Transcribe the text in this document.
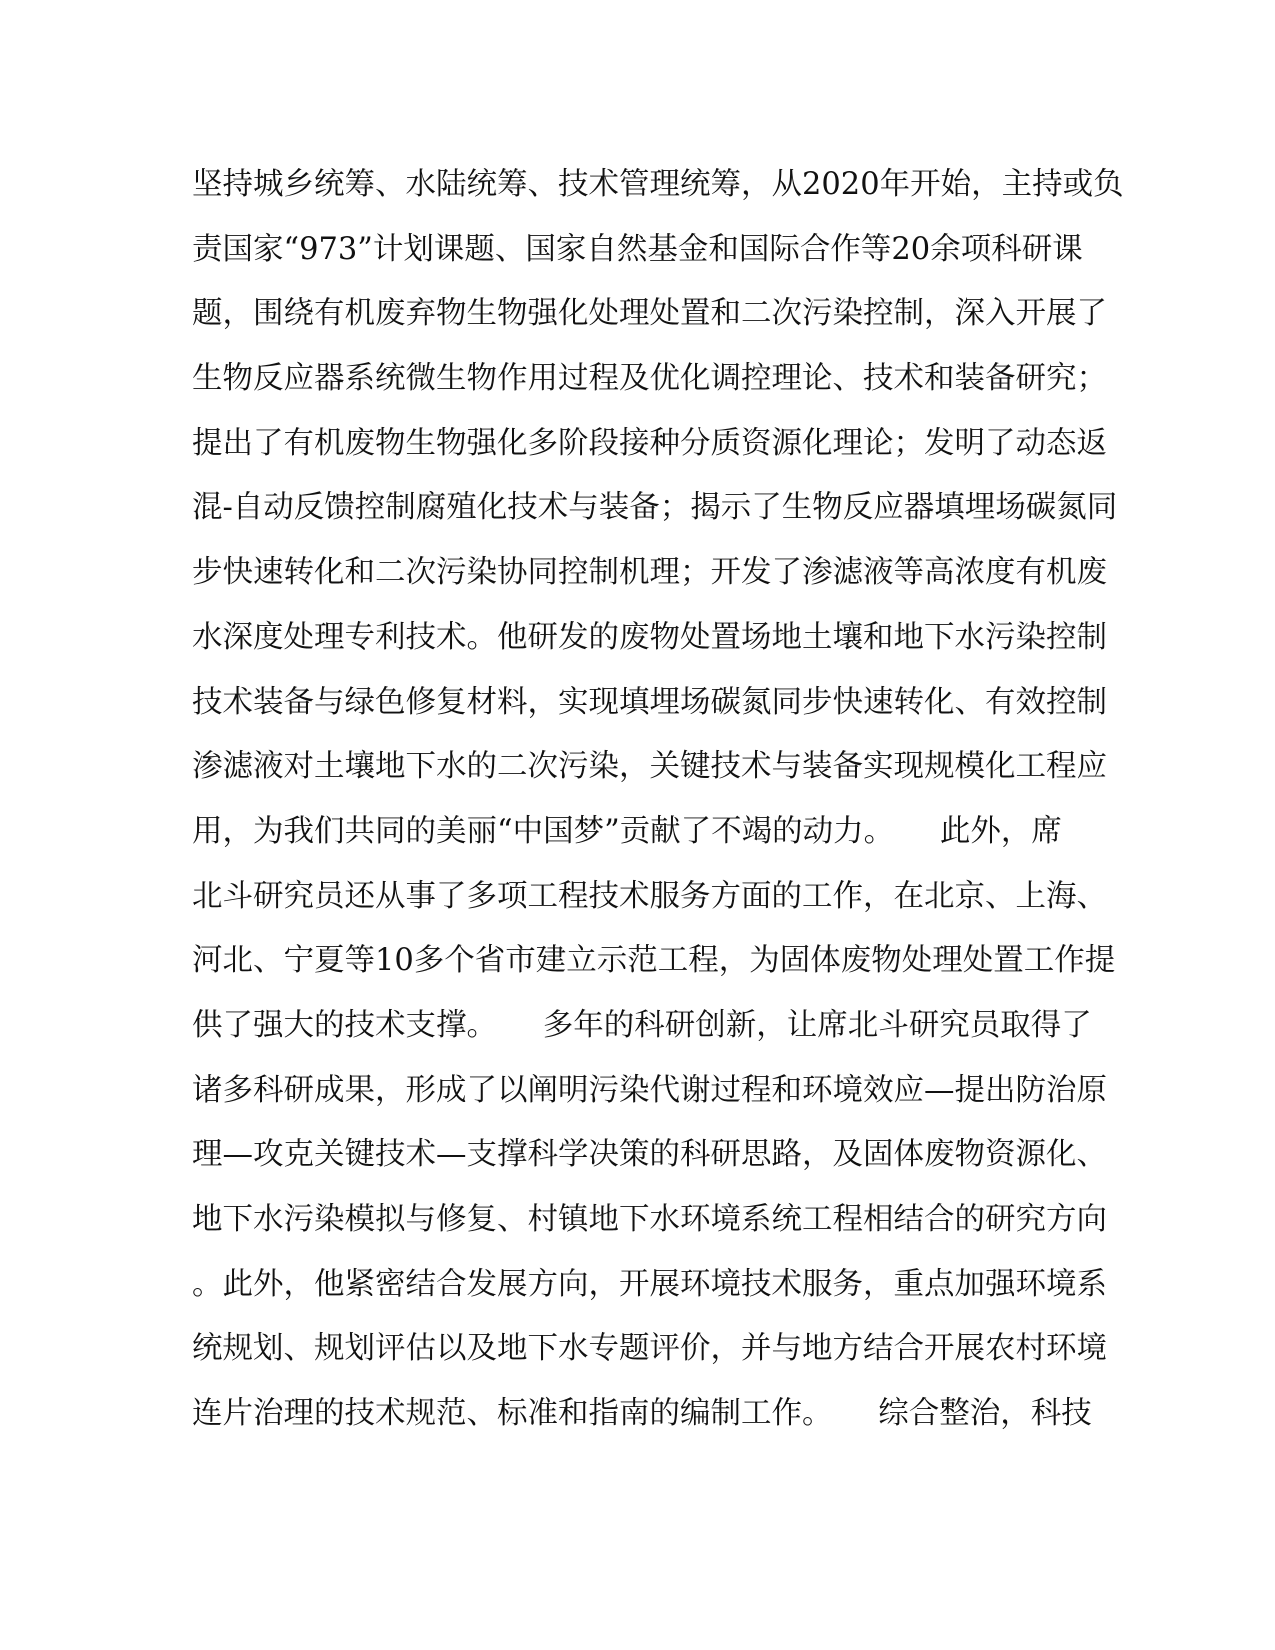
坚持城乡统筹、水陆统筹、技术管理统筹，从2020年开始，主持或负

责国家“973”计划课题、国家自然基金和国际合作等20余项科研课

题，围绕有机废弃物生物强化处理处置和二次污染控制，深入开展了

生物反应器系统微生物作用过程及优化调控理论、技术和装备研究；

提出了有机废物生物强化多阶段接种分质资源化理论；发明了动态返

混-自动反馈控制腐殖化技术与装备；揭示了生物反应器填埋场碳氮同

步快速转化和二次污染协同控制机理；开发了渗滤液等高浓度有机废

水深度处理专利技术。他研发的废物处置场地土壤和地下水污染控制

技术装备与绿色修复材料，实现填埋场碳氮同步快速转化、有效控制

渗滤液对土壤地下水的二次污染，关键技术与装备实现规模化工程应

用，为我们共同的美丽“中国梦”贡献了不竭的动力。　　此外，席

北斗研究员还从事了多项工程技术服务方面的工作，在北京、上海、

河北、宁夏等10多个省市建立示范工程，为固体废物处理处置工作提

供了强大的技术支撑。　　多年的科研创新，让席北斗研究员取得了

诸多科研成果，形成了以阐明污染代谢过程和环境效应—提出防治原

理—攻克关键技术—支撑科学决策的科研思路，及固体废物资源化、

地下水污染模拟与修复、村镇地下水环境系统工程相结合的研究方向

。此外，他紧密结合发展方向，开展环境技术服务，重点加强环境系

统规划、规划评估以及地下水专题评价，并与地方结合开展农村环境

连片治理的技术规范、标准和指南的编制工作。　　综合整治，科技
